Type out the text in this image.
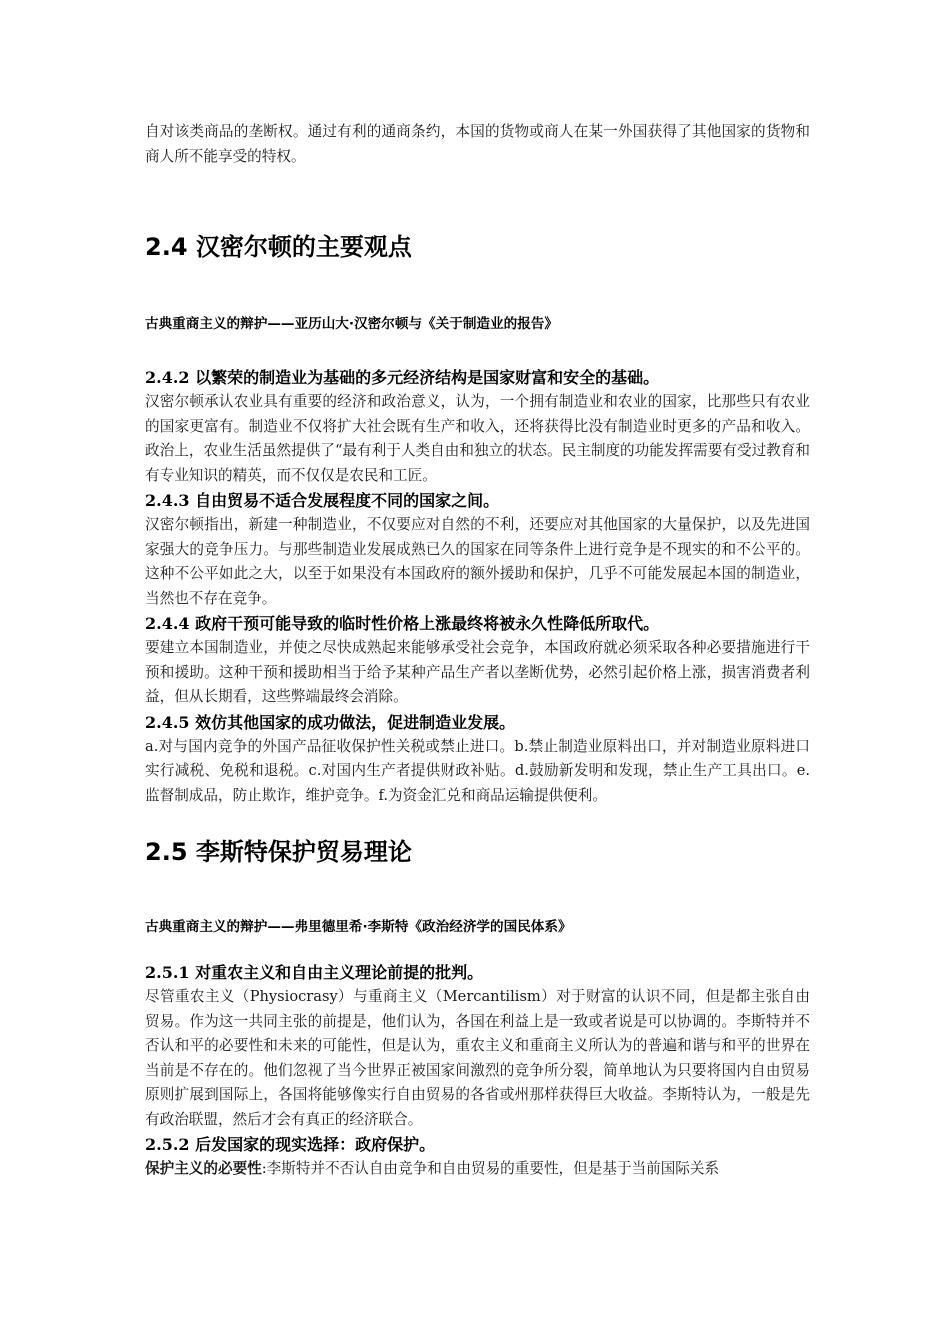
自对该类商品的垄断权。通过有利的通商条约，本国的货物或商人在某一外国获得了其他国家的货物和商人所不能享受的特权。

2.4 汉密尔顿的主要观点

古典重商主义的辩护——亚历山大·汉密尔顿与《关于制造业的报告》

2.4.2 以繁荣的制造业为基础的多元经济结构是国家财富和安全的基础。

汉密尔顿承认农业具有重要的经济和政治意义，认为，一个拥有制造业和农业的国家，比那些只有农业的国家更富有。制造业不仅将扩大社会既有生产和收入，还将获得比没有制造业时更多的产品和收入。政治上，农业生活虽然提供了“最有利于人类自由和独立的状态。民主制度的功能发挥需要有受过教育和有专业知识的精英，而不仅仅是农民和工匠。

2.4.3 自由贸易不适合发展程度不同的国家之间。

汉密尔顿指出，新建一种制造业，不仅要应对自然的不利，还要应对其他国家的大量保护，以及先进国家强大的竞争压力。与那些制造业发展成熟已久的国家在同等条件上进行竞争是不现实的和不公平的。这种不公平如此之大，以至于如果没有本国政府的额外援助和保护，几乎不可能发展起本国的制造业，当然也不存在竞争。

2.4.4 政府干预可能导致的临时性价格上涨最终将被永久性降低所取代。

要建立本国制造业，并使之尽快成熟起来能够承受社会竞争，本国政府就必须采取各种必要措施进行干预和援助。这种干预和援助相当于给予某种产品生产者以垄断优势，必然引起价格上涨，损害消费者利益，但从长期看，这些弊端最终会消除。

2.4.5 效仿其他国家的成功做法，促进制造业发展。

a.对与国内竞争的外国产品征收保护性关税或禁止进口。b.禁止制造业原料出口，并对制造业原料进口实行减税、免税和退税。c.对国内生产者提供财政补贴。d.鼓励新发明和发现，禁止生产工具出口。e.监督制成品，防止欺诈，维护竞争。f.为资金汇兑和商品运输提供便利。

2.5 李斯特保护贸易理论

古典重商主义的辩护——弗里德里希·李斯特《政治经济学的国民体系》

2.5.1 对重农主义和自由主义理论前提的批判。

尽管重农主义（Physiocrasy）与重商主义（Mercantilism）对于财富的认识不同，但是都主张自由贸易。作为这一共同主张的前提是，他们认为，各国在利益上是一致或者说是可以协调的。李斯特并不否认和平的必要性和未来的可能性，但是认为，重农主义和重商主义所认为的普遍和谐与和平的世界在当前是不存在的。他们忽视了当今世界正被国家间激烈的竞争所分裂，简单地认为只要将国内自由贸易原则扩展到国际上，各国将能够像实行自由贸易的各省或州那样获得巨大收益。李斯特认为，一般是先有政治联盟，然后才会有真正的经济联合。

2.5.2 后发国家的现实选择：政府保护。

保护主义的必要性:李斯特并不否认自由竞争和自由贸易的重要性，但是基于当前国际关系
